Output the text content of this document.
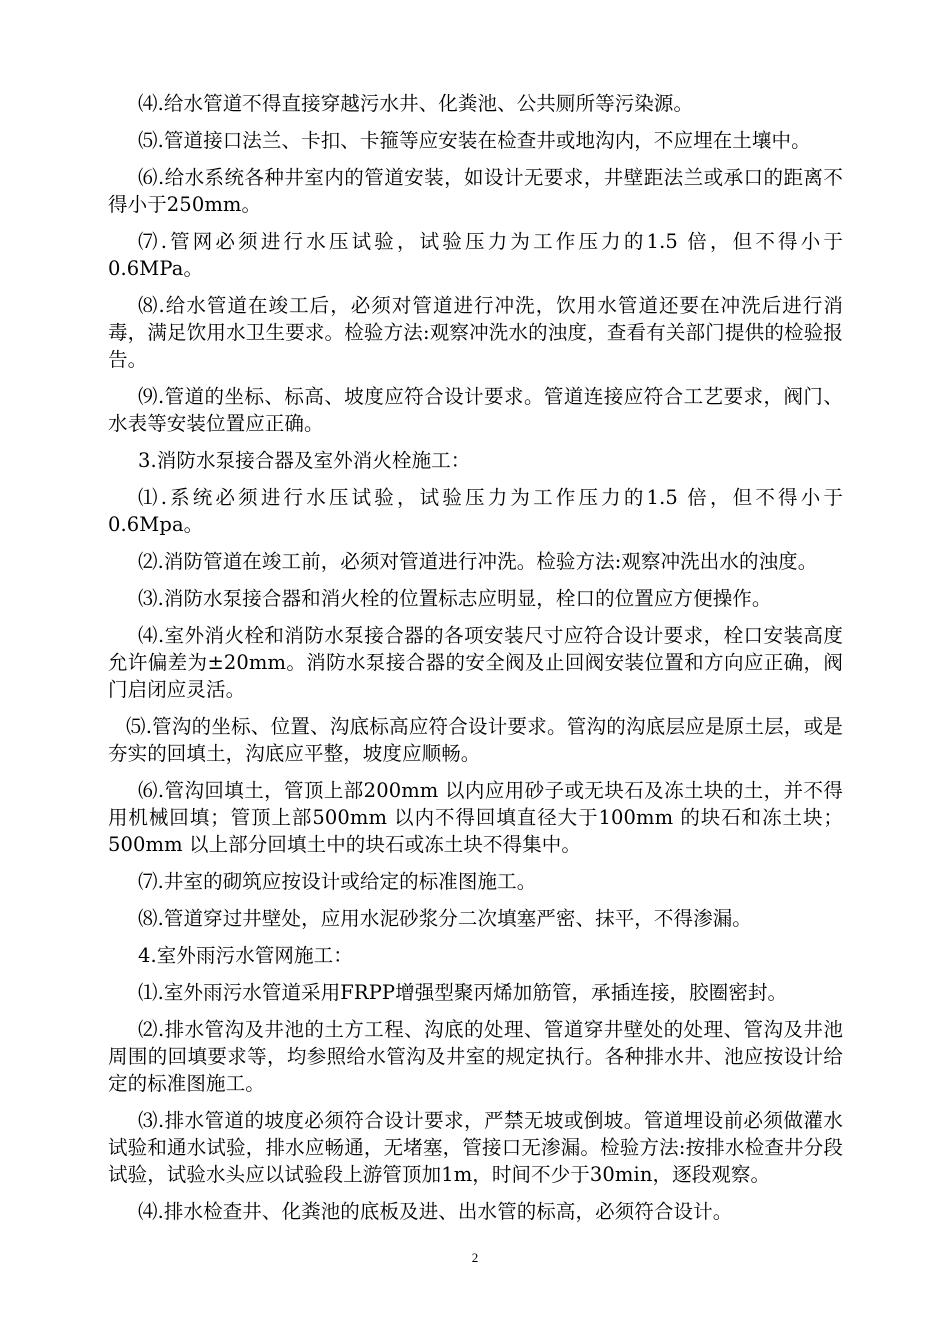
⑷.给水管道不得直接穿越污水井、化粪池、公共厕所等污染源。

⑸.管道接口法兰、卡扣、卡箍等应安装在检查井或地沟内，不应埋在土壤中。

⑹.给水系统各种井室内的管道安装，如设计无要求，井壁距法兰或承口的距离不得小于250mm。

⑺.管网必须进行水压试验，试验压力为工作压力的1.5 倍，但不得小于0.6MPa。

⑻.给水管道在竣工后，必须对管道进行冲洗，饮用水管道还要在冲洗后进行消毒，满足饮用水卫生要求。检验方法:观察冲洗水的浊度，查看有关部门提供的检验报告。

⑼.管道的坐标、标高、坡度应符合设计要求。管道连接应符合工艺要求，阀门、水表等安装位置应正确。

3.消防水泵接合器及室外消火栓施工：

⑴.系统必须进行水压试验，试验压力为工作压力的1.5 倍，但不得小于0.6Mpa。

⑵.消防管道在竣工前，必须对管道进行冲洗。检验方法:观察冲洗出水的浊度。

⑶.消防水泵接合器和消火栓的位置标志应明显，栓口的位置应方便操作。

⑷.室外消火栓和消防水泵接合器的各项安装尺寸应符合设计要求，栓口安装高度允许偏差为±20mm。消防水泵接合器的安全阀及止回阀安装位置和方向应正确，阀门启闭应灵活。

⑸.管沟的坐标、位置、沟底标高应符合设计要求。管沟的沟底层应是原土层，或是夯实的回填土，沟底应平整，坡度应顺畅。

⑹.管沟回填土，管顶上部200mm 以内应用砂子或无块石及冻土块的土，并不得用机械回填；管顶上部500mm 以内不得回填直径大于100mm 的块石和冻土块；500mm 以上部分回填土中的块石或冻土块不得集中。

⑺.井室的砌筑应按设计或给定的标准图施工。

⑻.管道穿过井壁处，应用水泥砂浆分二次填塞严密、抹平，不得渗漏。

4.室外雨污水管网施工：

⑴.室外雨污水管道采用FRPP增强型聚丙烯加筋管，承插连接，胶圈密封。

⑵.排水管沟及井池的土方工程、沟底的处理、管道穿井壁处的处理、管沟及井池周围的回填要求等，均参照给水管沟及井室的规定执行。各种排水井、池应按设计给定的标准图施工。

⑶.排水管道的坡度必须符合设计要求，严禁无坡或倒坡。管道埋设前必须做灌水试验和通水试验，排水应畅通，无堵塞，管接口无渗漏。检验方法:按排水检查井分段试验，试验水头应以试验段上游管顶加1m，时间不少于30min，逐段观察。

⑷.排水检查井、化粪池的底板及进、出水管的标高，必须符合设计。

2
